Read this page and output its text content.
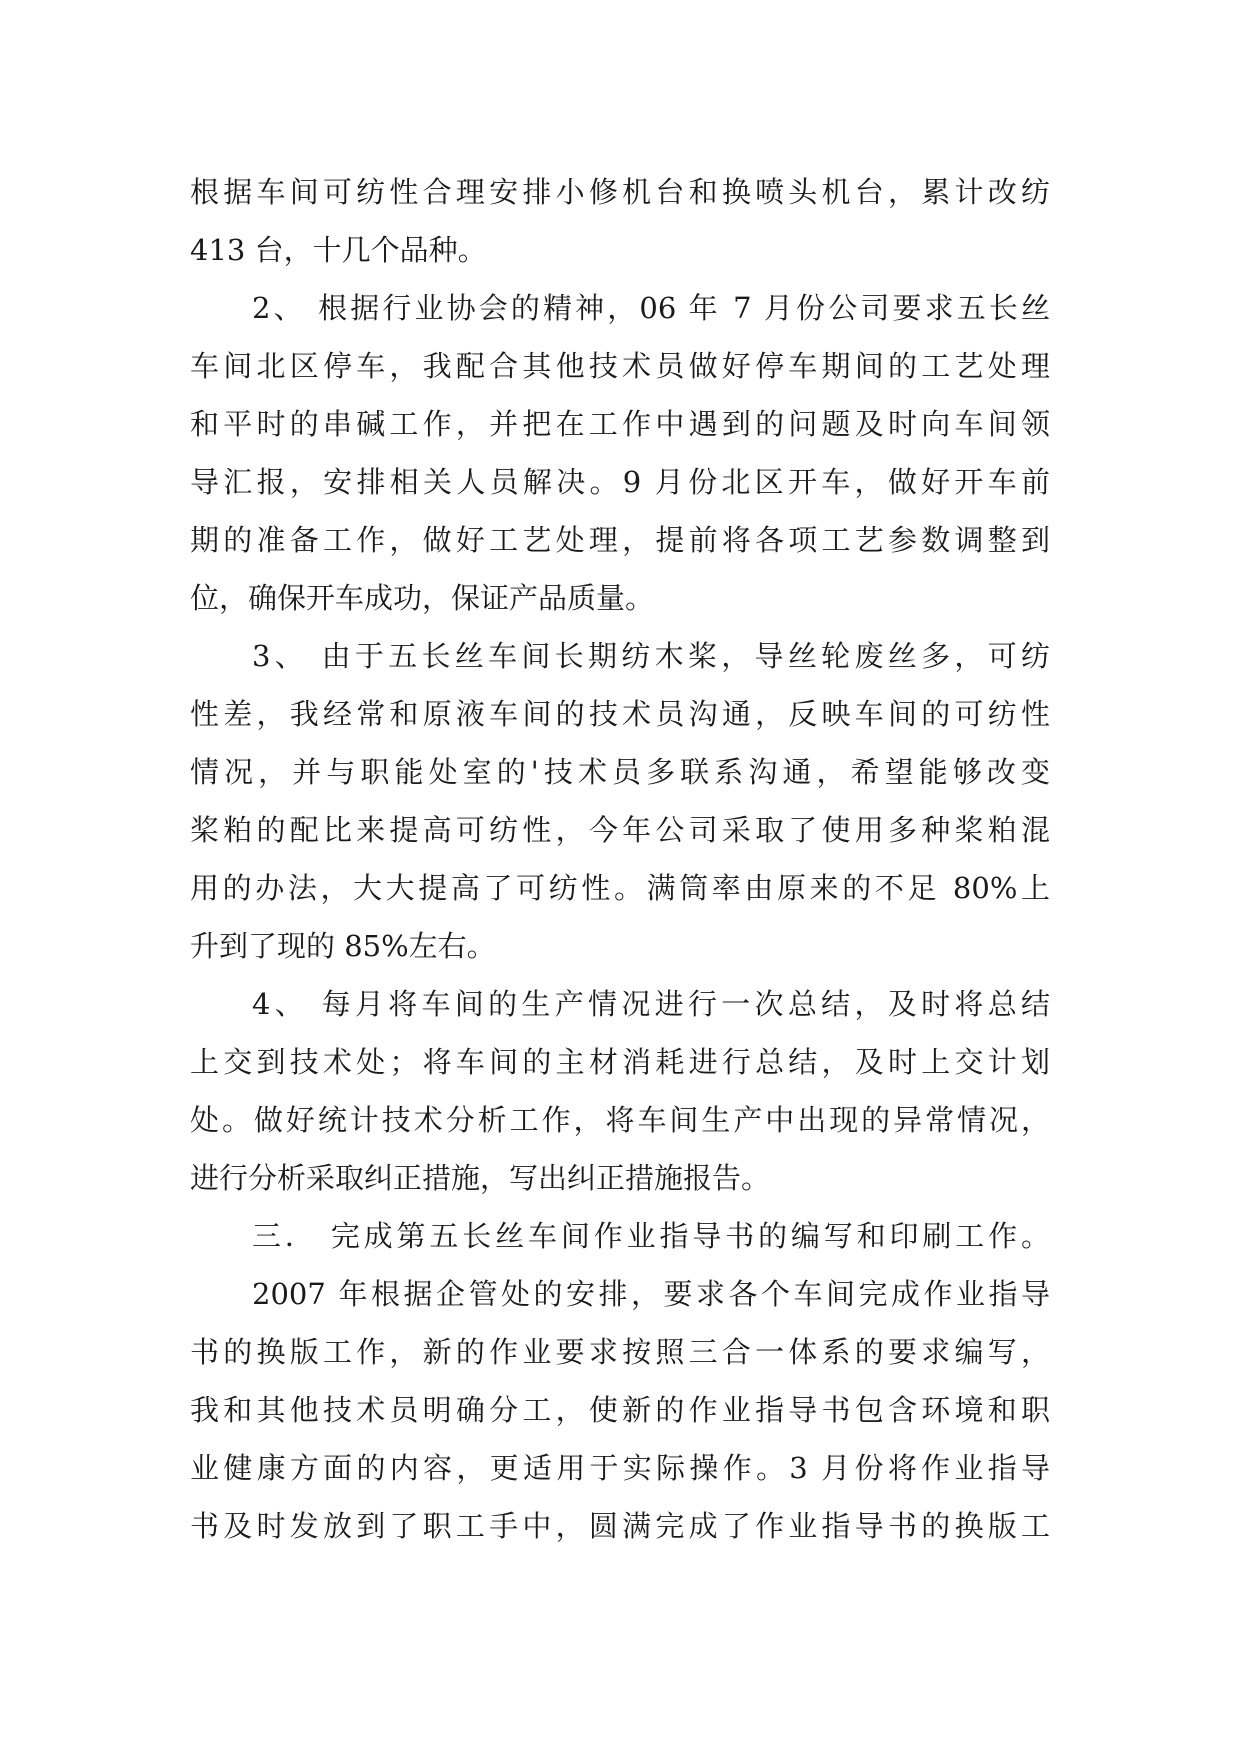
根据车间可纺性合理安排小修机台和换喷头机台，累计改纺
413 台，十几个品种。
2、 根据行业协会的精神，06 年 7 月份公司要求五长丝
车间北区停车，我配合其他技术员做好停车期间的工艺处理
和平时的串碱工作，并把在工作中遇到的问题及时向车间领
导汇报，安排相关人员解决。9 月份北区开车，做好开车前
期的准备工作，做好工艺处理，提前将各项工艺参数调整到
位，确保开车成功，保证产品质量。
3、 由于五长丝车间长期纺木桨，导丝轮废丝多，可纺
性差，我经常和原液车间的技术员沟通，反映车间的可纺性
情况，并与职能处室的'技术员多联系沟通，希望能够改变
桨粕的配比来提高可纺性，今年公司采取了使用多种桨粕混
用的办法，大大提高了可纺性。满筒率由原来的不足 80%上
升到了现的 85%左右。
4、 每月将车间的生产情况进行一次总结，及时将总结
上交到技术处；将车间的主材消耗进行总结，及时上交计划
处。做好统计技术分析工作，将车间生产中出现的异常情况，
进行分析采取纠正措施，写出纠正措施报告。
三． 完成第五长丝车间作业指导书的编写和印刷工作。
2007 年根据企管处的安排，要求各个车间完成作业指导
书的换版工作，新的作业要求按照三合一体系的要求编写，
我和其他技术员明确分工，使新的作业指导书包含环境和职
业健康方面的内容，更适用于实际操作。3 月份将作业指导
书及时发放到了职工手中，圆满完成了作业指导书的换版工
